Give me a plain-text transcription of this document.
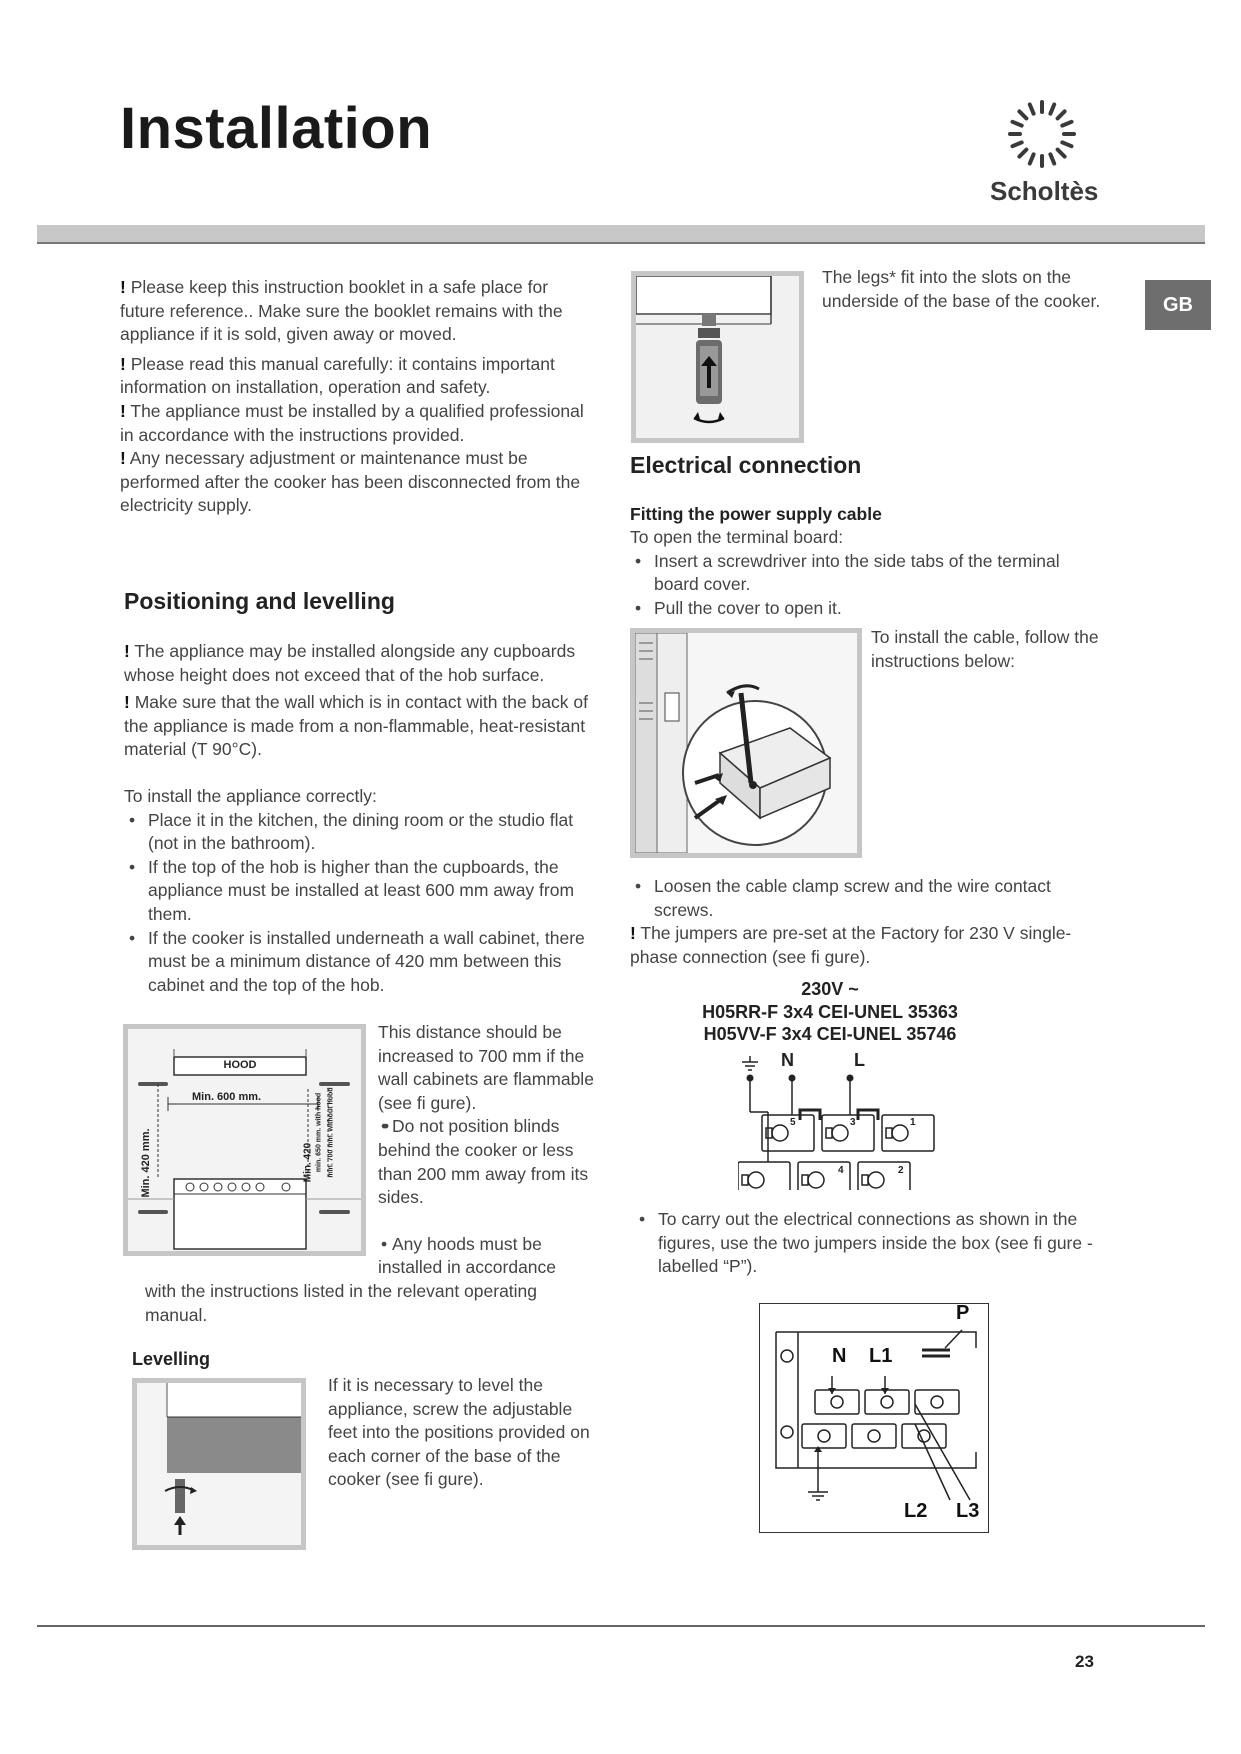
Installation
Scholtès
GB

! Please keep this instruction booklet in a safe place for future reference.. Make sure the booklet remains with the appliance if it is sold, given away or moved.

! Please read this manual carefully: it contains important information on installation, operation and safety.

! The appliance must be installed by a qualified professional in accordance with the instructions provided.

! Any necessary adjustment or maintenance must be performed after the cooker has been disconnected from the electricity supply.

Positioning and levelling

! The appliance may be installed alongside any cupboards whose height does not exceed that of the hob surface.

! Make sure that the wall which is in contact with the back of the appliance is made from a non-flammable, heat-resistant material (T 90°C).

To install the appliance correctly:

• Place it in the kitchen, the dining room or the studio flat (not in the bathroom).
• If the top of the hob is higher than the cupboards, the appliance must be installed at least 600 mm away from them.
• If the cooker is installed underneath a wall cabinet, there must be a minimum distance of 420 mm between this cabinet and the top of the hob.
HOOD
Min. 600 mm.
Min. 420 mm.	Min. 420 min. 650 mm. with hood min. 700 mm. without hood

This distance should be increased to 700 mm if the wall cabinets are flammable (see fi gure).

• • Do not position blinds behind the cooker or less than 200 mm away from its sides.

• Any hoods must be installed in accordance

with the instructions listed in the relevant operating manual.
Levelling
If it is necessary to level the appliance, screw the adjustable feet into the positions provided on each corner of the base of the cooker (see fi gure).
The legs* fit into the slots on the underside of the base of the cooker.
Electrical connection
Fitting the power supply cable

To open the terminal board:

• Insert a screwdriver into the side tabs of the terminal board cover.
• Pull the cover to open it.
To install the cable, follow the instructions below:
• Loosen the cable clamp screw and the wire contact screws.

! The jumpers are pre-set at the Factory for 230 V single-phase connection (see fi gure).

230V ~
H05RR-F 3x4 CEI-UNEL 35363
H05VV-F 3x4 CEI-UNEL 35746
N	L
5	3	1
4	2
• To carry out the electrical connections as shown in the figures, use the two jumpers inside the box (see fi gure - labelled “P”).
P
N L1
L2 L3
23
